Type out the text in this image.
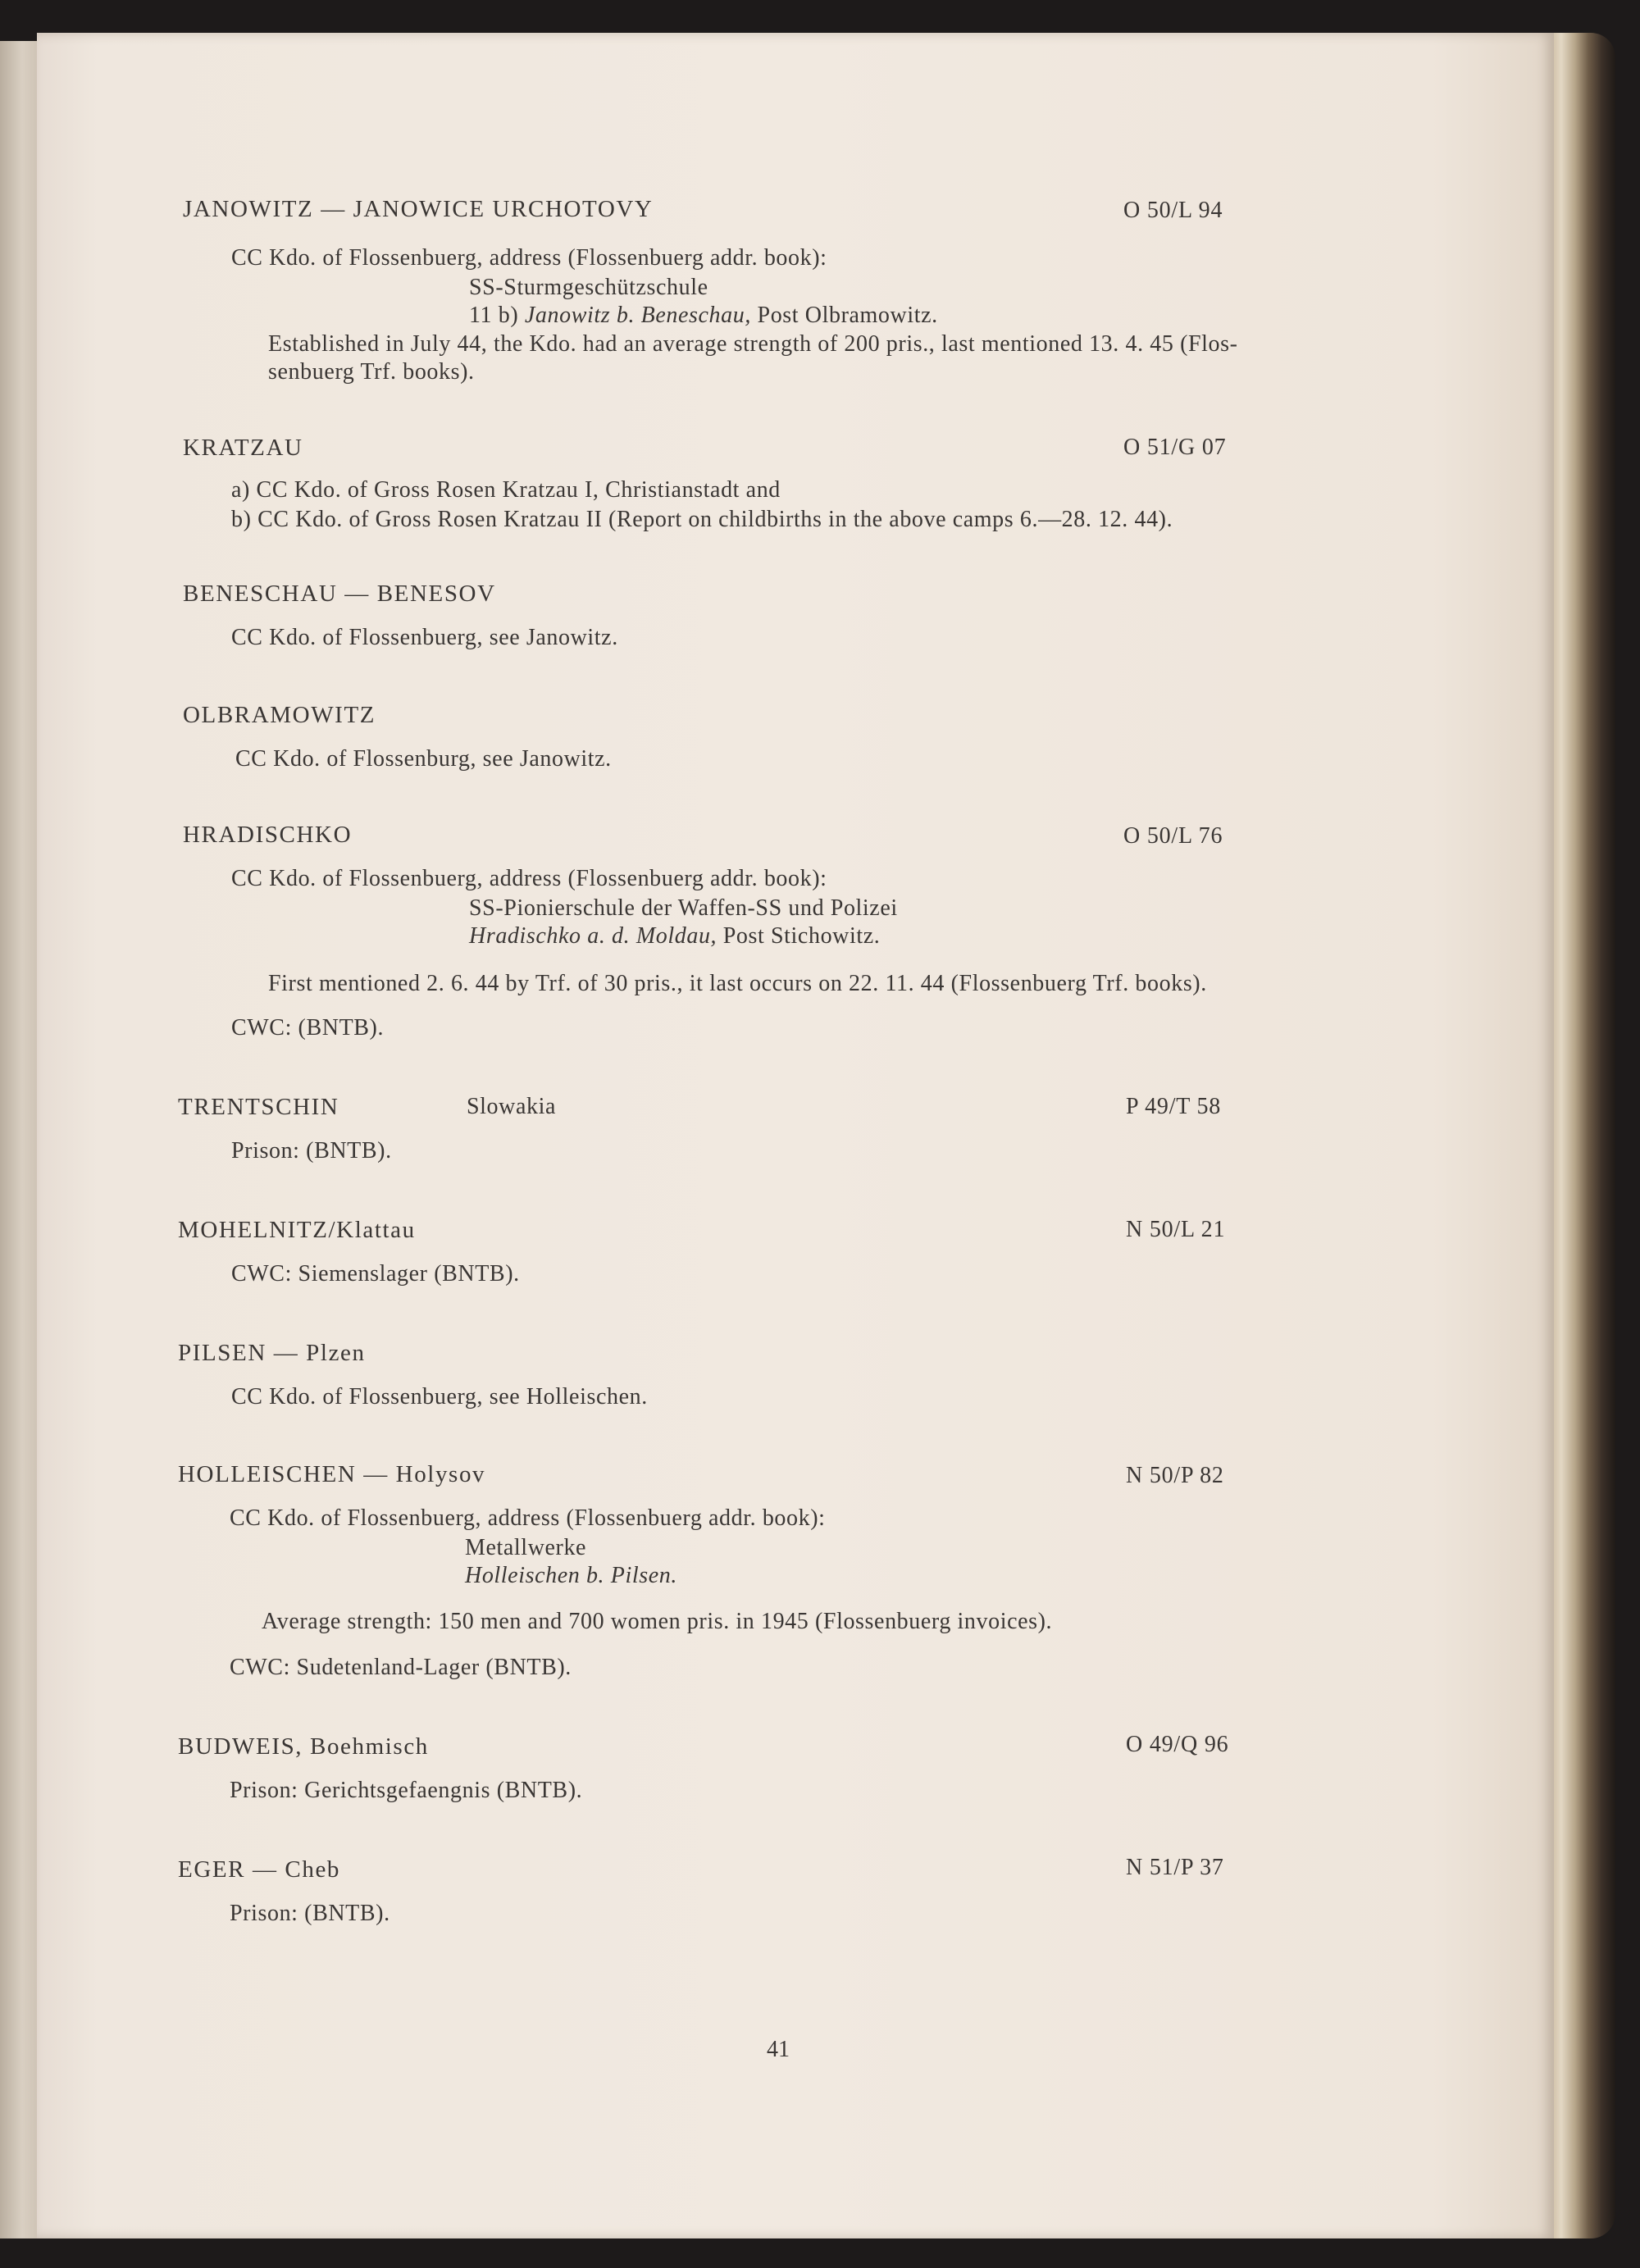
JANOWITZ — JANOWICE URCHOTOVY	O 50/L 94
CC Kdo. of Flossenbuerg, address (Flossenbuerg addr. book):
SS-Sturmgeschützschule
11 b) Janowitz b. Beneschau, Post Olbramowitz.
Established in July 44, the Kdo. had an average strength of 200 pris., last mentioned 13. 4. 45 (Flos-
senbuerg Trf. books).
KRATZAU	O 51/G 07
a) CC Kdo. of Gross Rosen Kratzau I, Christianstadt and
b) CC Kdo. of Gross Rosen Kratzau II (Report on childbirths in the above camps 6.—28. 12. 44).
BENESCHAU — BENESOV
CC Kdo. of Flossenbuerg, see Janowitz.
OLBRAMOWITZ
CC Kdo. of Flossenburg, see Janowitz.
HRADISCHKO	O 50/L 76
CC Kdo. of Flossenbuerg, address (Flossenbuerg addr. book):
SS-Pionierschule der Waffen-SS und Polizei
Hradischko a. d. Moldau, Post Stichowitz.
First mentioned 2. 6. 44 by Trf. of 30 pris., it last occurs on 22. 11. 44 (Flossenbuerg Trf. books).
CWC: (BNTB).
TRENTSCHIN	Slowakia	P 49/T 58
Prison: (BNTB).
MOHELNITZ/Klattau	N 50/L 21
CWC: Siemenslager (BNTB).
PILSEN — Plzen
CC Kdo. of Flossenbuerg, see Holleischen.
HOLLEISCHEN — Holysov	N 50/P 82
CC Kdo. of Flossenbuerg, address (Flossenbuerg addr. book):
Metallwerke
Holleischen b. Pilsen.
Average strength: 150 men and 700 women pris. in 1945 (Flossenbuerg invoices).
CWC: Sudetenland-Lager (BNTB).
BUDWEIS, Boehmisch	O 49/Q 96
Prison: Gerichtsgefaengnis (BNTB).
EGER — Cheb	N 51/P 37
Prison: (BNTB).
41
